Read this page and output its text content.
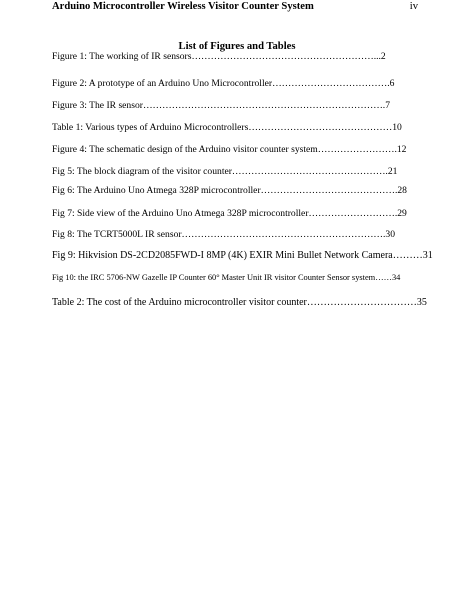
Arduino Microcontroller Wireless Visitor Counter System	iv
List of Figures and Tables
Figure 1: The working of IR sensors…………………………………………………...2
Figure 2: A prototype of an Arduino Uno Microcontroller……………………………….6
Figure 3: The IR sensor………………………………………………………………….7
Table 1: Various types of Arduino Microcontrollers………………………………………10
Figure 4: The schematic design of the Arduino visitor counter system…………………….12
Fig 5: The block diagram of the visitor counter………………………………………….21
Fig 6: The Arduino Uno Atmega 328P microcontroller…………………………………….28
Fig 7: Side view of the Arduino Uno Atmega 328P microcontroller……………………….29
Fig 8: The TCRT5000L IR sensor……………………………………………………….30
Fig 9: Hikvision DS-2CD2085FWD-I 8MP (4K) EXIR Mini Bullet Network Camera………31
Fig 10: the IRC 5706-NW Gazelle IP Counter 60° Master Unit IR visitor Counter Sensor system……34
Table 2: The cost of the Arduino microcontroller visitor counter……………………………35
